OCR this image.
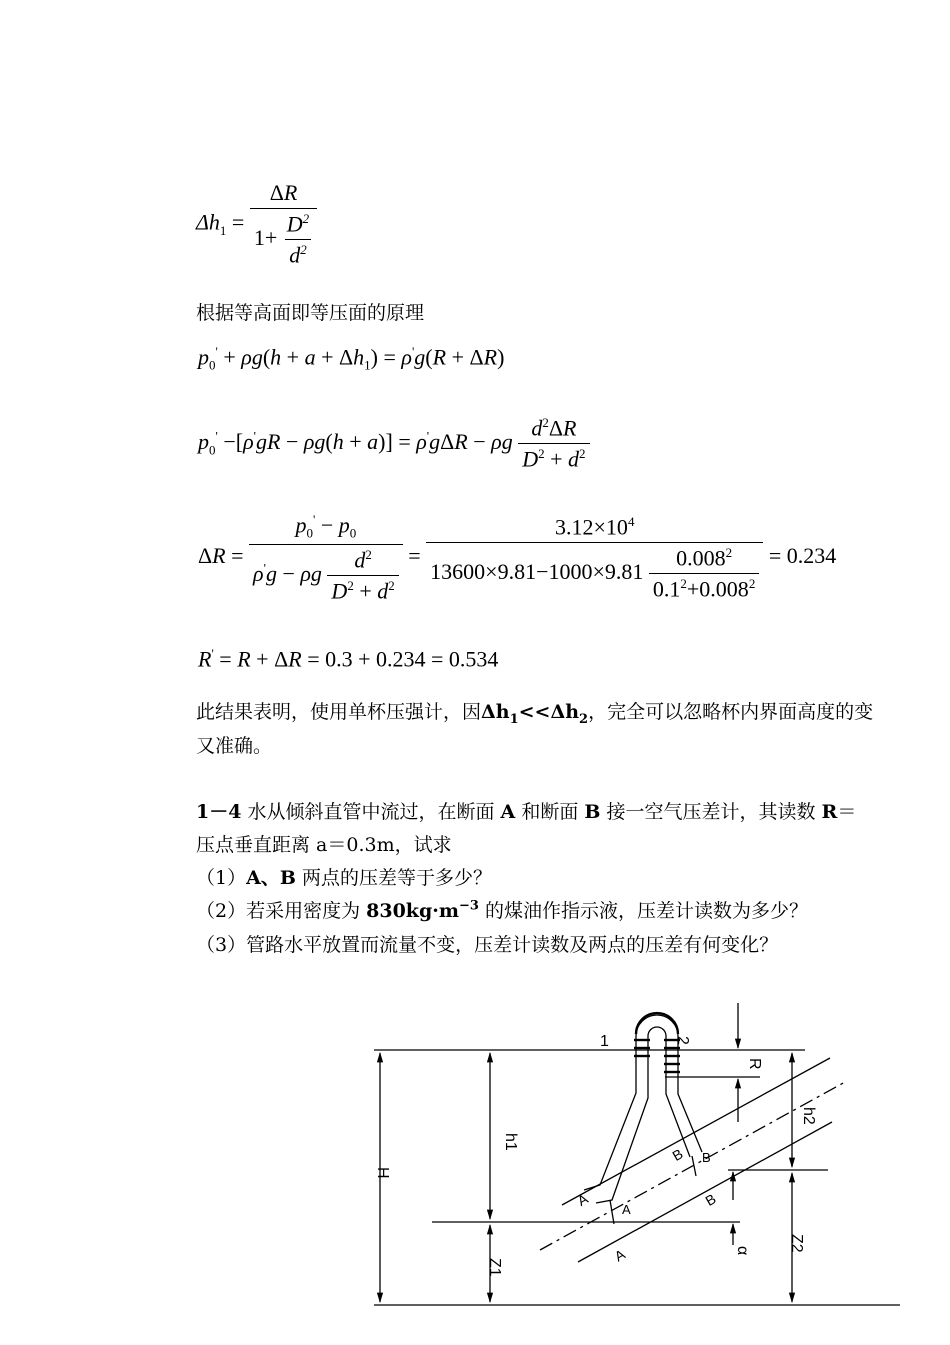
$\Delta h_1 = \frac{\Delta R}{1+ \frac{D^2}{d^2}}$
根据等高面即等压面的原理
$p_0' + \rho g(h + a + \Delta h_1) = \rho'g(R + \Delta R)$
$p_0' -[\rho'gR - \rho g(h + a)] = \rho'g\Delta R - \rho g \frac{d^2\Delta R}{D^2 + d^2}$
$\Delta R = \frac{p_0' - p_0}{\rho'g - \rho g \frac{d^2}{D^2 + d^2}} = \frac{3.12\times 10^4}{13600\times 9.81-1000\times 9.81 \frac{0.008^2}{0.1^2+0.008^2}} = 0.234$
R' = R + ΔR = 0.3 + 0.234 = 0.534
此结果表明，使用单杯压强计，因$\Delta h_1<<\Delta h_2$，完全可以忽略杯内界面高度的变
又准确。
1－4 水从倾斜直管中流过，在断面 A 和断面 B 接一空气压差计，其读数 R＝
压点垂直距离 a＝0.3m，试求
（1）A、B 两点的压差等于多少？
（2）若采用密度为 $830kg\cdot m^{-3}$ 的煤油作指示液，压差计读数为多少？
（3）管路水平放置而流量不变，压差计读数及两点的压差有何变化？
1	2
R
h1
h2
H
Z1
Z2
α
A
A
A
B B
B
